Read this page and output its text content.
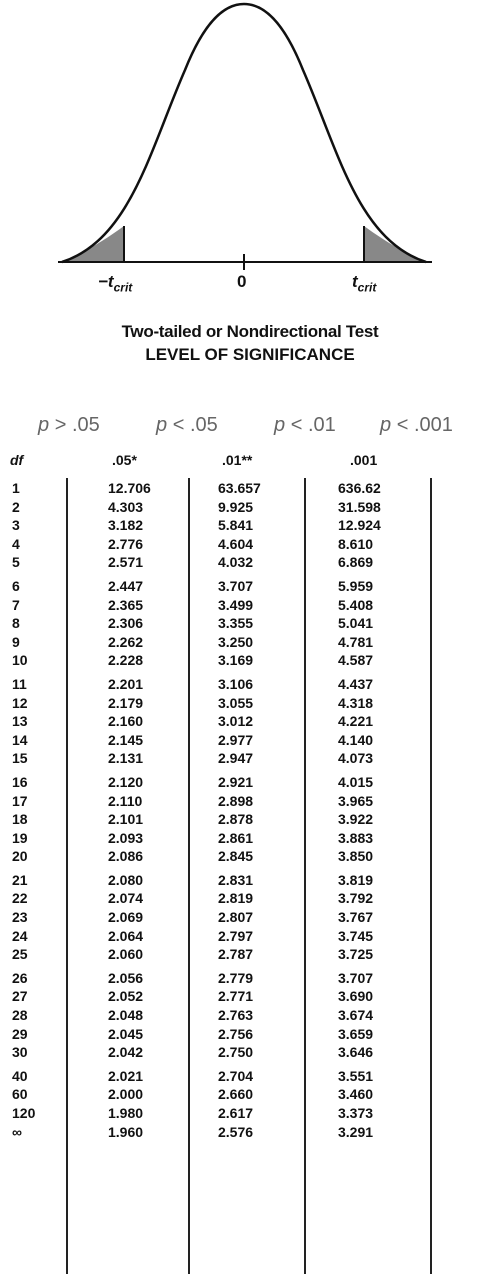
$-t_{crit}$	0	$t_{crit}$
Two-tailed or Nondirectional Test
LEVEL OF SIGNIFICANCE
p > .05	p < .05	p < .01 p < .001
df	.05*	.01**	.001
1	12.706	63.657	636.62
2	4.303	9.925	31.598
3	3.182	5.841	12.924
4	2.776	4.604	8.610
5	2.571	4.032	6.869
6	2.447	3.707	5.959
7	2.365	3.499	5.408
8	2.306	3.355	5.041
9	2.262	3.250	4.781
10	2.228	3.169	4.587
11	2.201	3.106	4.437
12	2.179	3.055	4.318
13	2.160	3.012	4.221
14	2.145	2.977	4.140
15	2.131	2.947	4.073
16	2.120	2.921	4.015
17	2.110	2.898	3.965
18	2.101	2.878	3.922
19	2.093	2.861	3.883
20	2.086	2.845	3.850
21	2.080	2.831	3.819
22	2.074	2.819	3.792
23	2.069	2.807	3.767
24	2.064	2.797	3.745
25	2.060	2.787	3.725
26	2.056	2.779	3.707
27	2.052	2.771	3.690
28	2.048	2.763	3.674
29	2.045	2.756	3.659
30	2.042	2.750	3.646
40	2.021	2.704	3.551
60	2.000	2.660	3.460
120	1.980	2.617	3.373
∞	1.960	2.576	3.291
